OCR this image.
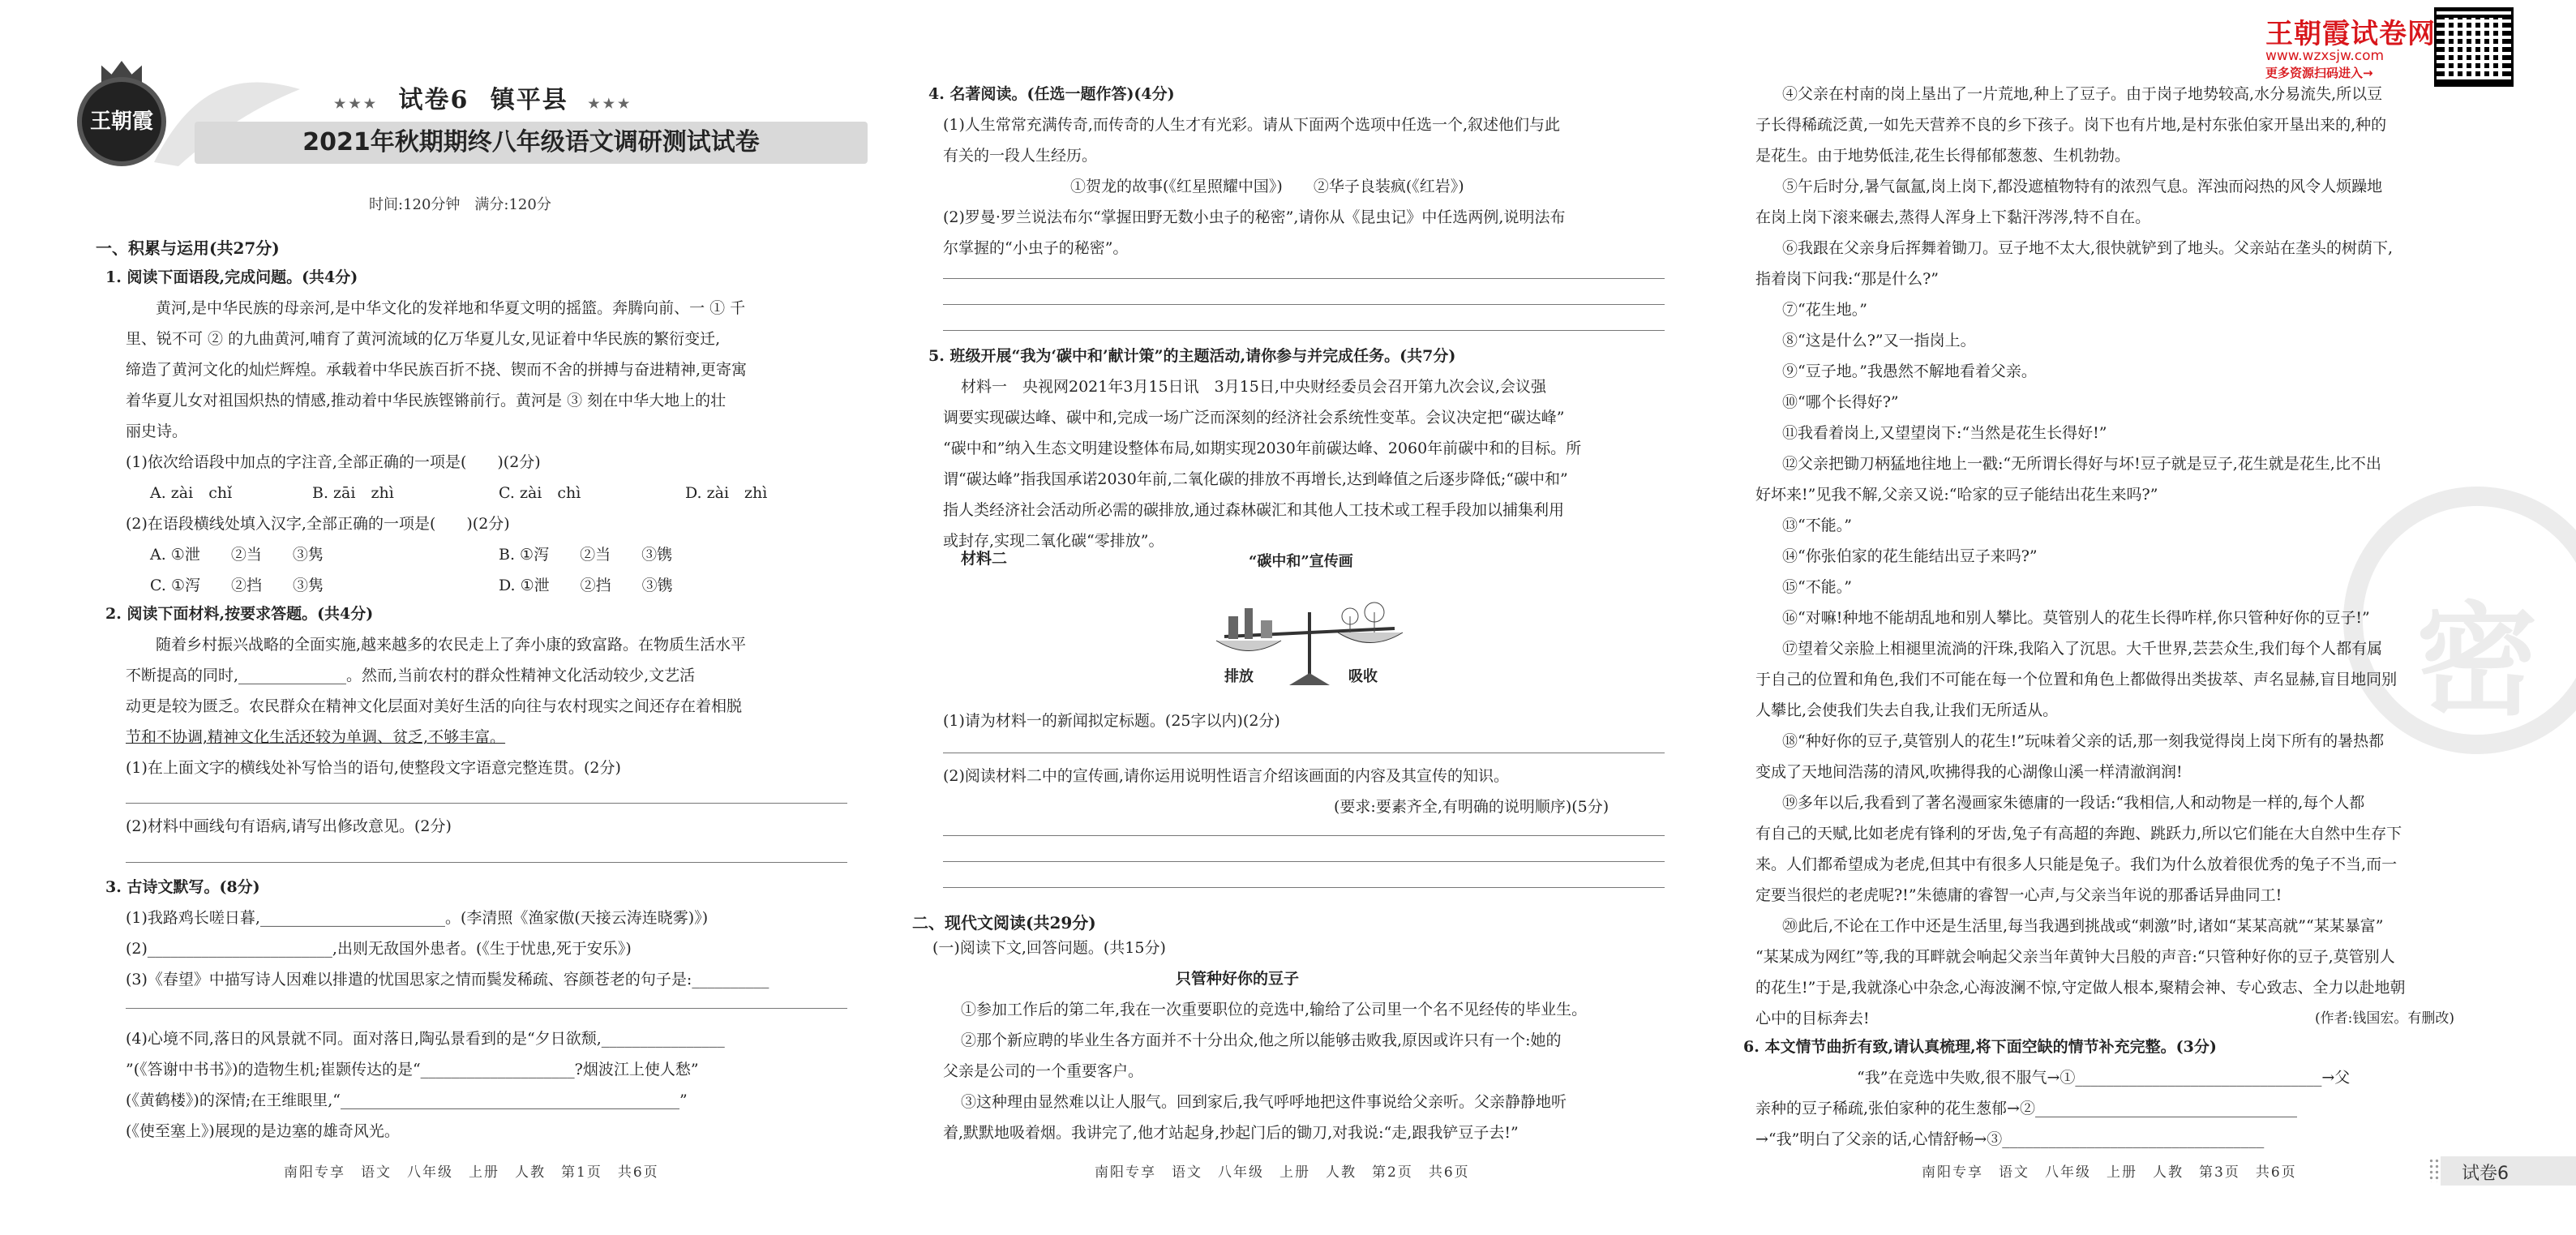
王朝霞
★★★ 试卷6 镇平县 ★★★
2021年秋期期终八年级语文调研测试试卷
时间:120分钟　满分:120分
一、积累与运用(共27分)
1. 阅读下面语段,完成问题。(共4分)
黄河,是中华民族的母亲河,是中华文化的发祥地和华夏文明的摇篮。奔腾向前、一 ① 千
里、锐不可 ② 的九曲黄河,哺育了黄河流域的亿万华夏儿女,见证着中华民族的繁衍变迁,
缔造了黄河文化的灿烂辉煌。承载着中华民族百折不挠、锲而不舍的拼搏与奋进精神,更寄寓
着华夏儿女对祖国炽热的情感,推动着中华民族铿锵前行。黄河是 ③ 刻在中华大地上的壮
丽史诗。
(1)依次给语段中加点的字注音,全部正确的一项是(　　)(2分)
A. zài　chǐ	B. zāi　zhì	C. zài　chì	D. zài　zhì
(2)在语段横线处填入汉字,全部正确的一项是(　　)(2分)
A. ①泄　　②当　　③隽	B. ①泻　　②当　　③镌
C. ①泻　　②挡　　③隽	D. ①泄　　②挡　　③镌
2. 阅读下面材料,按要求答题。(共4分)
随着乡村振兴战略的全面实施,越来越多的农民走上了奔小康的致富路。在物质生活水平
不断提高的同时,______________。然而,当前农村的群众性精神文化活动较少,文艺活
动更是较为匮乏。农民群众在精神文化层面对美好生活的向往与农村现实之间还存在着相脱
节和不协调,精神文化生活还较为单调、贫乏,不够丰富。
(1)在上面文字的横线处补写恰当的语句,使整段文字语意完整连贯。(2分)
(2)材料中画线句有语病,请写出修改意见。(2分)
3. 古诗文默写。(8分)
(1)我路鸡长嗟日暮,________________________。(李清照《渔家傲(天接云涛连晓雾)》)
(2)________________________,出则无敌国外患者。(《生于忧患,死于安乐》)
(3)《春望》中描写诗人因难以排遣的忧国思家之情而鬓发稀疏、容颜苍老的句子是:__________
(4)心境不同,落日的风景就不同。面对落日,陶弘景看到的是“夕日欲颓,________________
”(《答谢中书书》)的造物生机;崔颢传达的是“____________________?烟波江上使人愁”
(《黄鹤楼》)的深情;在王维眼里,“____________________________________________”
(《使至塞上》)展现的是边塞的雄奇风光。
南阳专享　语文　八年级　上册　人教　第1页　共6页
4. 名著阅读。(任选一题作答)(4分)
(1)人生常常充满传奇,而传奇的人生才有光彩。请从下面两个选项中任选一个,叙述他们与此
有关的一段人生经历。
①贺龙的故事(《红星照耀中国》)　　②华子良装疯(《红岩》)
(2)罗曼·罗兰说法布尔“掌握田野无数小虫子的秘密”,请你从《昆虫记》中任选两例,说明法布
尔掌握的“小虫子的秘密”。
5. 班级开展“我为‘碳中和’献计策”的主题活动,请你参与并完成任务。(共7分)
材料一　央视网2021年3月15日讯　3月15日,中央财经委员会召开第九次会议,会议强
调要实现碳达峰、碳中和,完成一场广泛而深刻的经济社会系统性变革。会议决定把“碳达峰”
“碳中和”纳入生态文明建设整体布局,如期实现2030年前碳达峰、2060年前碳中和的目标。所
谓“碳达峰”指我国承诺2030年前,二氧化碳的排放不再增长,达到峰值之后逐步降低;“碳中和”
指人类经济社会活动所必需的碳排放,通过森林碳汇和其他人工技术或工程手段加以捕集利用
或封存,实现二氧化碳“零排放”。
材料二	“碳中和”宣传画
排放	吸收
(1)请为材料一的新闻拟定标题。(25字以内)(2分)
(2)阅读材料二中的宣传画,请你运用说明性语言介绍该画面的内容及其宣传的知识。
(要求:要素齐全,有明确的说明顺序)(5分)
二、现代文阅读(共29分)
(一)阅读下文,回答问题。(共15分)
只管种好你的豆子
①参加工作后的第二年,我在一次重要职位的竞选中,输给了公司里一个名不见经传的毕业生。
②那个新应聘的毕业生各方面并不十分出众,他之所以能够击败我,原因或许只有一个:她的
父亲是公司的一个重要客户。
③这种理由显然难以让人服气。回到家后,我气呼呼地把这件事说给父亲听。父亲静静地听
着,默默地吸着烟。我讲完了,他才站起身,抄起门后的锄刀,对我说:“走,跟我铲豆子去!”
南阳专享　语文　八年级　上册　人教　第2页　共6页
密
④父亲在村南的岗上垦出了一片荒地,种上了豆子。由于岗子地势较高,水分易流失,所以豆
子长得稀疏泛黄,一如先天营养不良的乡下孩子。岗下也有片地,是村东张伯家开垦出来的,种的
是花生。由于地势低洼,花生长得郁郁葱葱、生机勃勃。
⑤午后时分,暑气氤氲,岗上岗下,都没遮植物特有的浓烈气息。浑浊而闷热的风令人烦躁地
在岗上岗下滚来碾去,蒸得人浑身上下黏汗涔涔,特不自在。
⑥我跟在父亲身后挥舞着锄刀。豆子地不太大,很快就铲到了地头。父亲站在垄头的树荫下,
指着岗下问我:“那是什么?”
⑦“花生地。”
⑧“这是什么?”又一指岗上。
⑨“豆子地。”我愚然不解地看着父亲。
⑩“哪个长得好?”
⑪我看着岗上,又望望岗下:“当然是花生长得好!”
⑫父亲把锄刀柄猛地往地上一戳:“无所谓长得好与坏!豆子就是豆子,花生就是花生,比不出
好坏来!”见我不解,父亲又说:“哈家的豆子能结出花生来吗?”
⑬“不能。”
⑭“你张伯家的花生能结出豆子来吗?”
⑮“不能。”
⑯“对嘛!种地不能胡乱地和别人攀比。莫管别人的花生长得咋样,你只管种好你的豆子!”
⑰望着父亲脸上相褪里流淌的汗珠,我陷入了沉思。大千世界,芸芸众生,我们每个人都有属
于自己的位置和角色,我们不可能在每一个位置和角色上都做得出类拔萃、声名显赫,盲目地同别
人攀比,会使我们失去自我,让我们无所适从。
⑱“种好你的豆子,莫管别人的花生!”玩味着父亲的话,那一刻我觉得岗上岗下所有的暑热都
变成了天地间浩荡的清风,吹拂得我的心湖像山溪一样清澈润润!
⑲多年以后,我看到了著名漫画家朱德庸的一段话:“我相信,人和动物是一样的,每个人都
有自己的天赋,比如老虎有锋利的牙齿,兔子有高超的奔跑、跳跃力,所以它们能在大自然中生存下
来。人们都希望成为老虎,但其中有很多人只能是兔子。我们为什么放着很优秀的兔子不当,而一
定要当很烂的老虎呢?!”朱德庸的睿智一心声,与父亲当年说的那番话异曲同工!
⑳此后,不论在工作中还是生活里,每当我遇到挑战或“刺激”时,诸如“某某高就”“某某暴富”
“某某成为网红”等,我的耳畔就会响起父亲当年黄钟大吕般的声音:“只管种好你的豆子,莫管别人
的花生!”于是,我就涤心中杂念,心海波澜不惊,守定做人根本,聚精会神、专心致志、全力以赴地朝
心中的目标奔去!	(作者:钱国宏。有删改)
6. 本文情节曲折有致,请认真梳理,将下面空缺的情节补充完整。(3分)
“我”在竞选中失败,很不服气→①________________________________→父
亲种的豆子稀疏,张伯家种的花生葱郁→②__________________________________
→“我”明白了父亲的话,心情舒畅→③__________________________________
南阳专享　语文　八年级　上册　人教　第3页　共6页
王朝霞试卷网
www.wzxsjw.com
更多资源扫码进入→
试卷6
